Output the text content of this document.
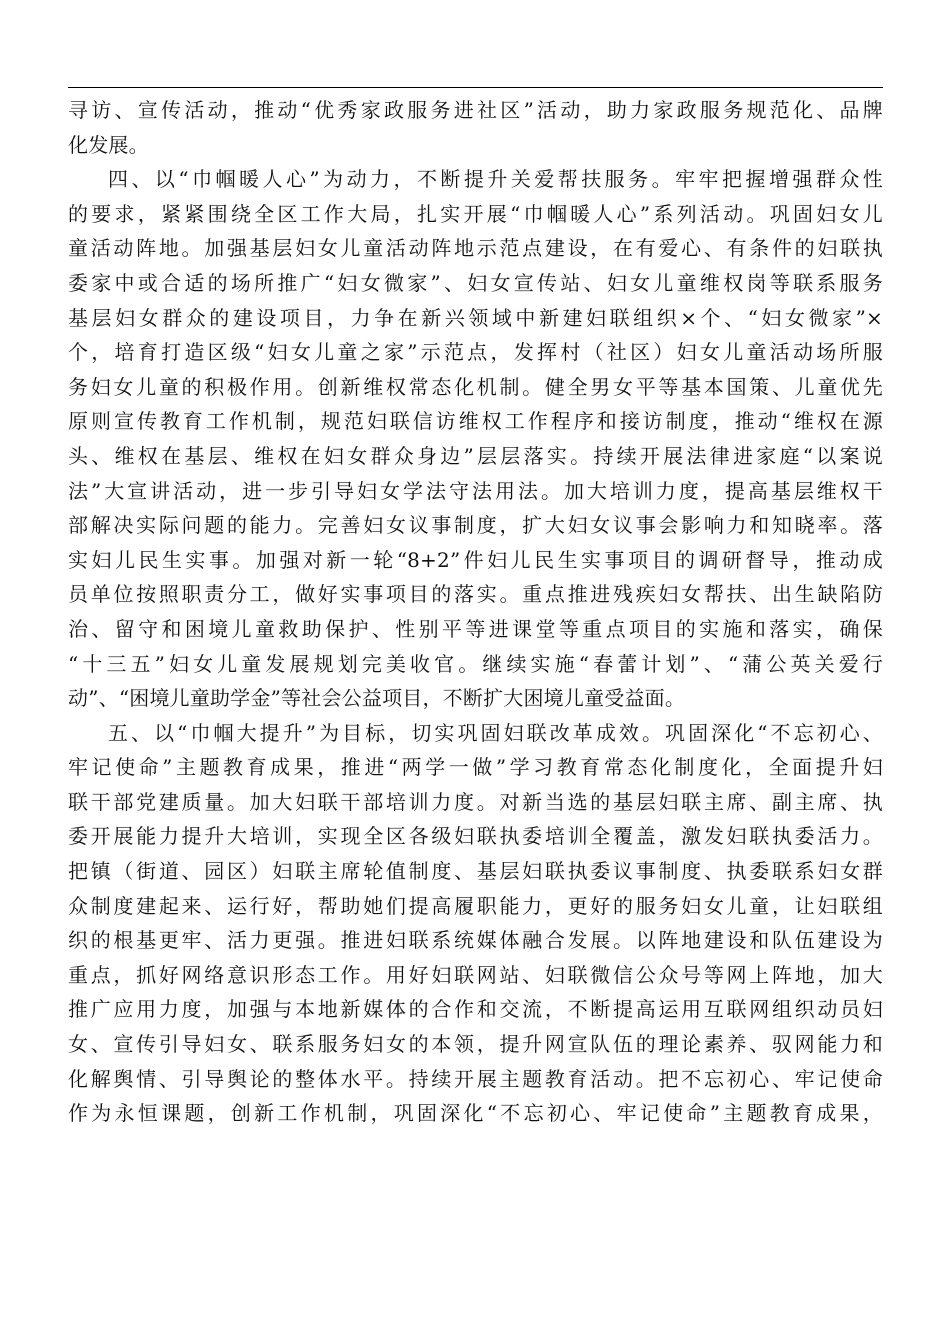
寻访、宣传活动，推动“优秀家政服务进社区”活动，助力家政服务规范化、品牌
化发展。
四、以“巾帼暖人心”为动力，不断提升关爱帮扶服务。牢牢把握增强群众性
的要求，紧紧围绕全区工作大局，扎实开展“巾帼暖人心”系列活动。巩固妇女儿
童活动阵地。加强基层妇女儿童活动阵地示范点建设，在有爱心、有条件的妇联执
委家中或合适的场所推广“妇女微家”、妇女宣传站、妇女儿童维权岗等联系服务
基层妇女群众的建设项目，力争在新兴领域中新建妇联组织×个、“妇女微家”×
个，培育打造区级“妇女儿童之家”示范点，发挥村（社区）妇女儿童活动场所服
务妇女儿童的积极作用。创新维权常态化机制。健全男女平等基本国策、儿童优先
原则宣传教育工作机制，规范妇联信访维权工作程序和接访制度，推动“维权在源
头、维权在基层、维权在妇女群众身边”层层落实。持续开展法律进家庭“以案说
法”大宣讲活动，进一步引导妇女学法守法用法。加大培训力度，提高基层维权干
部解决实际问题的能力。完善妇女议事制度，扩大妇女议事会影响力和知晓率。落
实妇儿民生实事。加强对新一轮“8+2”件妇儿民生实事项目的调研督导，推动成
员单位按照职责分工，做好实事项目的落实。重点推进残疾妇女帮扶、出生缺陷防
治、留守和困境儿童救助保护、性别平等进课堂等重点项目的实施和落实，确保
“十三五”妇女儿童发展规划完美收官。继续实施“春蕾计划”、“蒲公英关爱行
动”、“困境儿童助学金”等社会公益项目，不断扩大困境儿童受益面。
五、以“巾帼大提升”为目标，切实巩固妇联改革成效。巩固深化“不忘初心、
牢记使命”主题教育成果，推进“两学一做”学习教育常态化制度化，全面提升妇
联干部党建质量。加大妇联干部培训力度。对新当选的基层妇联主席、副主席、执
委开展能力提升大培训，实现全区各级妇联执委培训全覆盖，激发妇联执委活力。
把镇（街道、园区）妇联主席轮值制度、基层妇联执委议事制度、执委联系妇女群
众制度建起来、运行好，帮助她们提高履职能力，更好的服务妇女儿童，让妇联组
织的根基更牢、活力更强。推进妇联系统媒体融合发展。以阵地建设和队伍建设为
重点，抓好网络意识形态工作。用好妇联网站、妇联微信公众号等网上阵地，加大
推广应用力度，加强与本地新媒体的合作和交流，不断提高运用互联网组织动员妇
女、宣传引导妇女、联系服务妇女的本领，提升网宣队伍的理论素养、驭网能力和
化解舆情、引导舆论的整体水平。持续开展主题教育活动。把不忘初心、牢记使命
作为永恒课题，创新工作机制，巩固深化“不忘初心、牢记使命”主题教育成果，
